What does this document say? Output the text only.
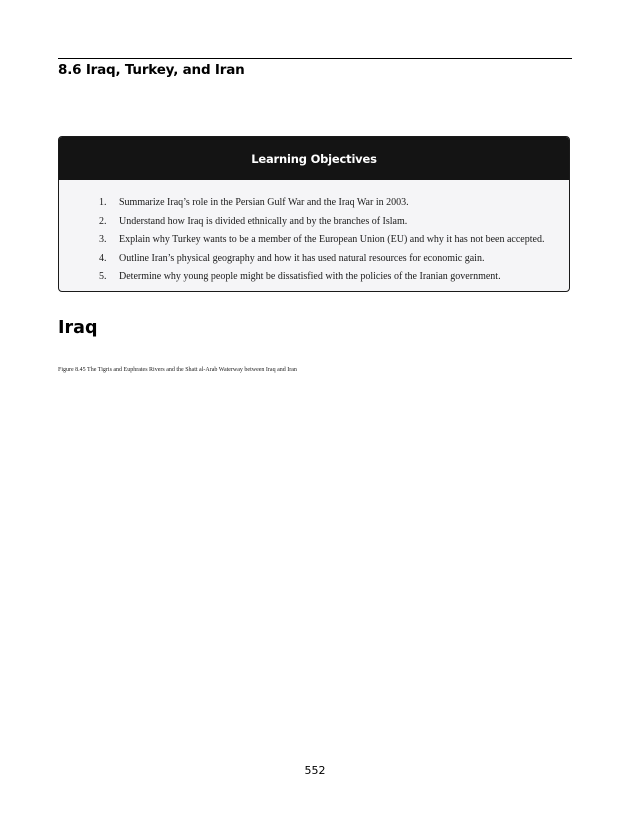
8.6 Iraq, Turkey, and Iran
Learning Objectives
1.	Summarize Iraq’s role in the Persian Gulf War and the Iraq War in 2003.
2.	Understand how Iraq is divided ethnically and by the branches of Islam.
3.	Explain why Turkey wants to be a member of the European Union (EU) and why it has not been accepted.
4.	Outline Iran’s physical geography and how it has used natural resources for economic gain.
5.	Determine why young people might be dissatisfied with the policies of the Iranian government.
Iraq

Figure 8.45 The Tigris and Euphrates Rivers and the Shatt al-Arab Waterway between Iraq and Iran

552
